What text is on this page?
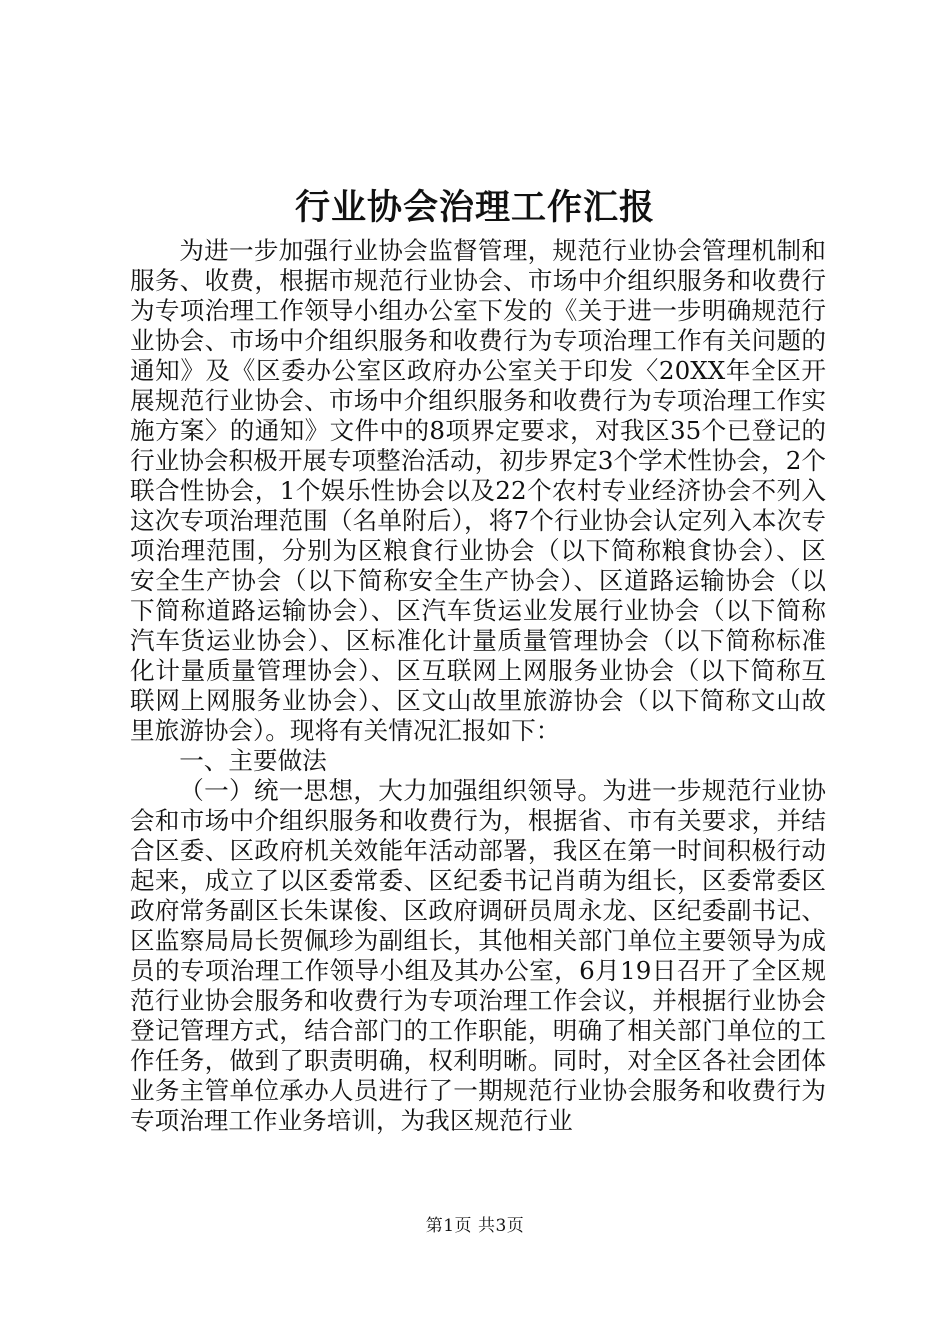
行业协会治理工作汇报

为进一步加强行业协会监督管理，规范行业协会管理机制和服务、收费，根据市规范行业协会、市场中介组织服务和收费行为专项治理工作领导小组办公室下发的《关于进一步明确规范行业协会、市场中介组织服务和收费行为专项治理工作有关问题的通知》及《区委办公室区政府办公室关于印发〈20XX年全区开展规范行业协会、市场中介组织服务和收费行为专项治理工作实施方案〉的通知》文件中的8项界定要求，对我区35个已登记的行业协会积极开展专项整治活动，初步界定3个学术性协会，2个联合性协会，1个娱乐性协会以及22个农村专业经济协会不列入这次专项治理范围（名单附后），将7个行业协会认定列入本次专项治理范围，分别为区粮食行业协会（以下简称粮食协会）、区安全生产协会（以下简称安全生产协会）、区道路运输协会（以下简称道路运输协会）、区汽车货运业发展行业协会（以下简称汽车货运业协会）、区标准化计量质量管理协会（以下简称标准化计量质量管理协会）、区互联网上网服务业协会（以下简称互联网上网服务业协会）、区文山故里旅游协会（以下简称文山故里旅游协会）。现将有关情况汇报如下：

一、主要做法

（一）统一思想，大力加强组织领导。为进一步规范行业协会和市场中介组织服务和收费行为，根据省、市有关要求，并结合区委、区政府机关效能年活动部署，我区在第一时间积极行动起来，成立了以区委常委、区纪委书记肖萌为组长，区委常委区政府常务副区长朱谋俊、区政府调研员周永龙、区纪委副书记、区监察局局长贺佩珍为副组长，其他相关部门单位主要领导为成员的专项治理工作领导小组及其办公室，6月19日召开了全区规范行业协会服务和收费行为专项治理工作会议，并根据行业协会登记管理方式，结合部门的工作职能，明确了相关部门单位的工作任务，做到了职责明确，权利明晰。同时，对全区各社会团体业务主管单位承办人员进行了一期规范行业协会服务和收费行为专项治理工作业务培训，为我区规范行业

第1页 共3页
